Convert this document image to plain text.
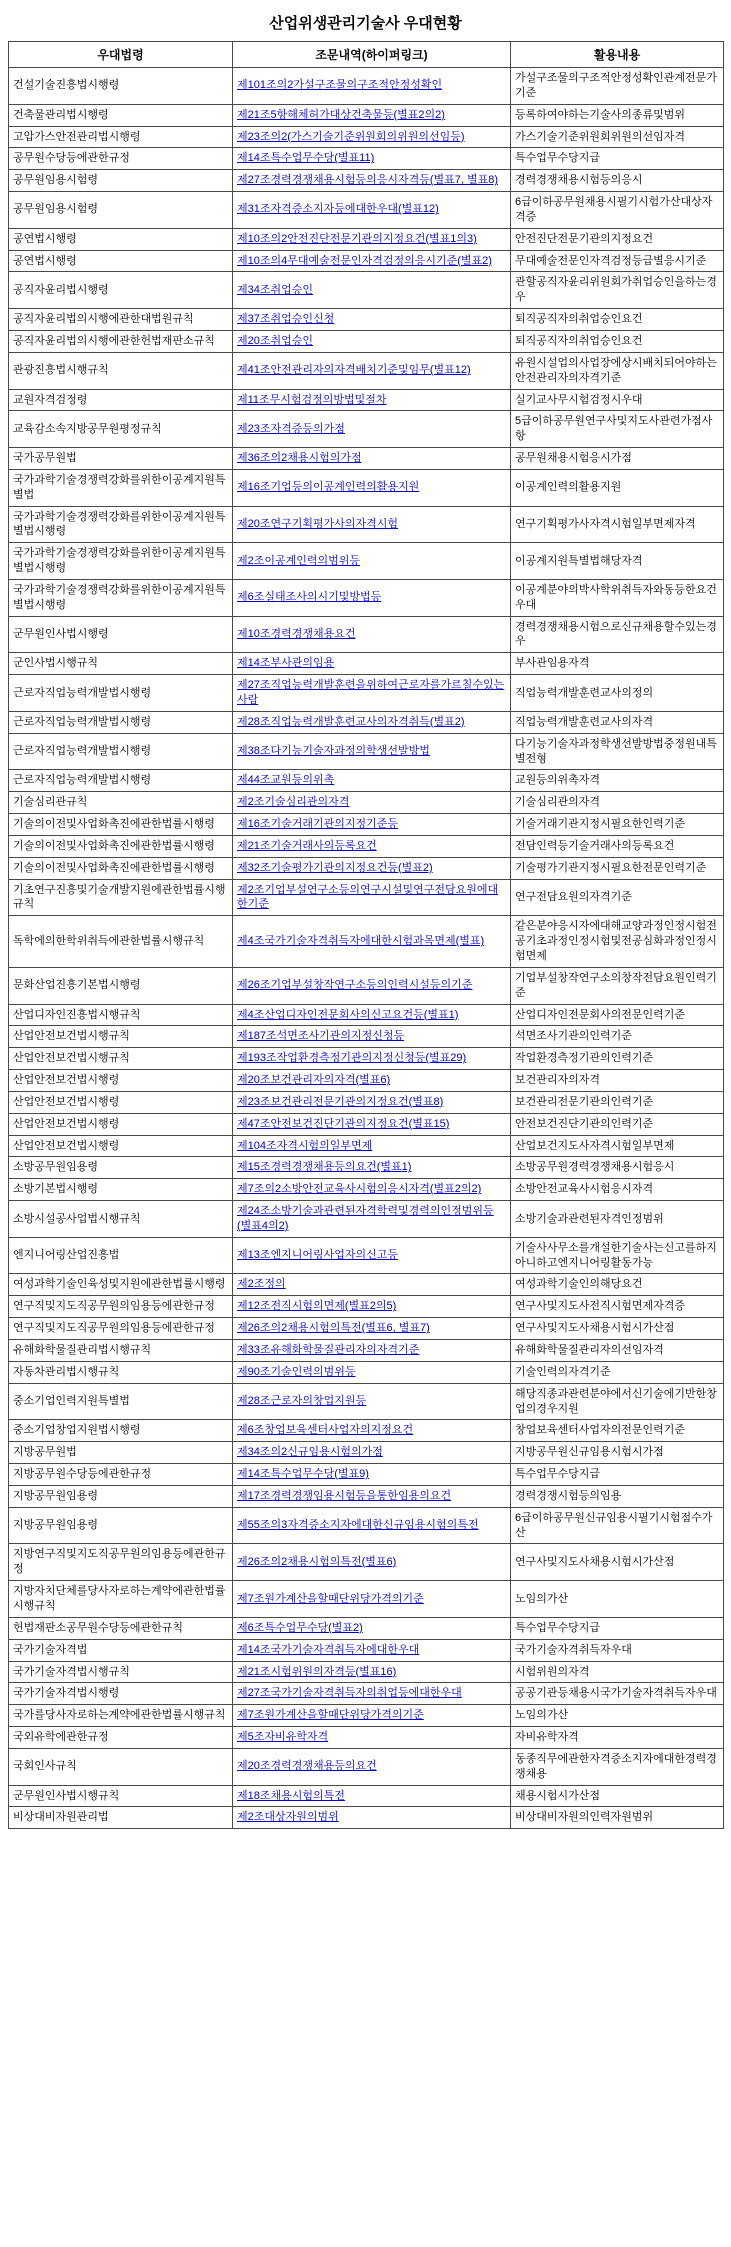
산업위생관리기술사 우대현황
우대법령	조문내역(하이퍼링크)	활용내용
건설기술진흥법시행령	제101조의2가설구조물의구조적안정성확인	가설구조물의구조적안정성확인관계전문가기준
건축물관리법시행령	제21조5항해체허가대상건축물등(별표2의2)	등록하여야하는기술사의종류및범위
고압가스안전관리법시행령	제23조의2(가스기술기준위원회의위원의선임등)	가스기술기준위원회위원의선임자격
공무원수당등에관한규정	제14조특수업무수당(별표11)	특수업무수당지급
공무원임용시험령	제27조경력경쟁채용시험등의응시자격등(별표7, 별표8)	경력경쟁채용시험등의응시
공무원임용시험령	제31조자격증소지자등에대한우대(별표12)	6급이하공무원채용시필기시험가산대상자격증
공연법시행령	제10조의2안전진단전문기관의지정요건(별표1의3)	안전진단전문기관의지정요건
공연법시행령	제10조의4무대예술전문인자격검정의응시기준(별표2)	무대예술전문인자격검정등급별응시기준
공직자윤리법시행령	제34조취업승인	관할공직자윤리위원회가취업승인을하는경우
공직자윤리법의시행에관한대법원규칙	제37조취업승인신청	퇴직공직자의취업승인요건
공직자윤리법의시행에관한헌법재판소규칙	제20조취업승인	퇴직공직자의취업승인요건
관광진흥법시행규칙	제41조안전관리자의자격배치기준및임무(별표12)	유원시설업의사업장에상시배치되어야하는안전관리자의자격기준
교원자격검정령	제11조무시험검정의방법및절차	실기교사무시험검정시우대
교육감소속지방공무원평정규칙	제23조자격증등의가점	5급이하공무원연구사및지도사관련가점사항
국가공무원법	제36조의2채용시험의가점	공무원채용시험응시가점
국가과학기술경쟁력강화를위한이공계지원특별법	제16조기업등의이공계인력의활용지원	이공계인력의활용지원
국가과학기술경쟁력강화를위한이공계지원특별법시행령	제20조연구기획평가사의자격시험	연구기획평가사자격시험일부면제자격
국가과학기술경쟁력강화를위한이공계지원특별법시행령	제2조이공계인력의범위등	이공계지원특별법해당자격
국가과학기술경쟁력강화를위한이공계지원특별법시행령	제6조실태조사의시기및방법등	이공계분야의박사학위취득자와동등한요건우대
군무원인사법시행령	제10조경력경쟁채용요건	경력경쟁채용시험으로신규채용할수있는경우
군인사법시행규칙	제14조부사관의임용	부사관임용자격
근로자직업능력개발법시행령	제27조직업능력개발훈련을위하여근로자를가르칠수있는사람	직업능력개발훈련교사의정의
근로자직업능력개발법시행령	제28조직업능력개발훈련교사의자격취득(별표2)	직업능력개발훈련교사의자격
근로자직업능력개발법시행령	제38조다기능기술자과정의학생선발방법	다기능기술자과정학생선발방법중정원내특별전형
근로자직업능력개발법시행령	제44조교원등의위촉	교원등의위촉자격
기술심리관규칙	제2조기술심리관의자격	기술심리관의자격
기술의이전및사업화촉진에관한법률시행령	제16조기술거래기관의지정기준등	기술거래기관지정시필요한인력기준
기술의이전및사업화촉진에관한법률시행령	제21조기술거래사의등록요건	전담인력등기술거래사의등록요건
기술의이전및사업화촉진에관한법률시행령	제32조기술평가기관의지정요건등(별표2)	기술평가기관지정시필요한전문인력기준
기초연구진흥및기술개발지원에관한법률시행규칙	제2조기업부설연구소등의연구시설및연구전담요원에대한기준	연구전담요원의자격기준
독학에의한학위취득에관한법률시행규칙	제4조국가기술자격취득자에대한시험과목면제(별표)	같은분야응시자에대해교양과정인정시험전공기초과정인정시험및전공심화과정인정시험면제
문화산업진흥기본법시행령	제26조기업부설창작연구소등의인력시설등의기준	기업부설창작연구소의창작전담요원인력기준
산업디자인진흥법시행규칙	제4조산업디자인전문회사의신고요건등(별표1)	산업디자인전문회사의전문인력기준
산업안전보건법시행규칙	제187조석면조사기관의지정신청등	석면조사기관의인력기준
산업안전보건법시행규칙	제193조작업환경측정기관의지정신청등(별표29)	작업환경측정기관의인력기준
산업안전보건법시행령	제20조보건관리자의자격(별표6)	보건관리자의자격
산업안전보건법시행령	제23조보건관리전문기관의지정요건(별표8)	보건관리전문기관의인력기준
산업안전보건법시행령	제47조안전보건진단기관의지정요건(별표15)	안전보건진단기관의인력기준
산업안전보건법시행령	제104조자격시험의일부면제	산업보건지도사자격시험일부면제
소방공무원임용령	제15조경력경쟁채용등의요건(별표1)	소방공무원경력경쟁채용시험응시
소방기본법시행령	제7조의2소방안전교육사시험의응시자격(별표2의2)	소방안전교육사시험응시자격
소방시설공사업법시행규칙	제24조소방기술과관련된자격학력및경력의인정범위등(별표4의2)	소방기술과관련된자격인정범위
엔지니어링산업진흥법	제13조엔지니어링사업자의신고등	기술사사무소를개설한기술사는신고를하지아니하고엔지니어링활동가능
여성과학기술인육성및지원에관한법률시행령	제2조정의	여성과학기술인의해당요건
연구직및지도직공무원의임용등에관한규정	제12조전직시험의면제(별표2의5)	연구사및지도사전직시험면제자격증
연구직및지도직공무원의임용등에관한규정	제26조의2채용시험의특전(별표6, 별표7)	연구사및지도사채용시험시가산점
유해화학물질관리법시행규칙	제33조유해화학물질관리자의자격기준	유해화학물질관리자의선임자격
자동차관리법시행규칙	제90조기술인력의범위등	기술인력의자격기준
중소기업인력지원특별법	제28조근로자의창업지원등	해당직종과관련분야에서신기술에기반한창업의경우지원
중소기업창업지원법시행령	제6조창업보육센터사업자의지정요건	창업보육센터사업자의전문인력기준
지방공무원법	제34조의2신규임용시험의가점	지방공무원신규임용시험시가점
지방공무원수당등에관한규정	제14조특수업무수당(별표9)	특수업무수당지급
지방공무원임용령	제17조경력경쟁임용시험등을통한임용의요건	경력경쟁시험등의임용
지방공무원임용령	제55조의3자격증소지자에대한신규임용시험의특전	6급이하공무원신규임용시필기시험점수가산
지방연구직및지도직공무원의임용등에관한규정	제26조의2채용시험의특전(별표6)	연구사및지도사채용시험시가산점
지방자치단체를당사자로하는계약에관한법률시행규칙	제7조원가계산을할때단위당가격의기준	노임의가산
헌법재판소공무원수당등에관한규칙	제6조특수업무수당(별표2)	특수업무수당지급
국가기술자격법	제14조국가기술자격취득자에대한우대	국가기술자격취득자우대
국가기술자격법시행규칙	제21조시험위원의자격등(별표16)	시험위원의자격
국가기술자격법시행령	제27조국가기술자격취득자의취업등에대한우대	공공기관등채용시국가기술자격취득자우대
국가를당사자로하는계약에관한법률시행규칙	제7조원가계산을할때단위당가격의기준	노임의가산
국외유학에관한규정	제5조자비유학자격	자비유학자격
국회인사규칙	제20조경력경쟁채용등의요건	동종직무에관한자격증소지자에대한경력경쟁채용
군무원인사법시행규칙	제18조채용시험의특전	채용시험시가산점
비상대비자원관리법	제2조대상자원의범위	비상대비자원의인력자원범위
